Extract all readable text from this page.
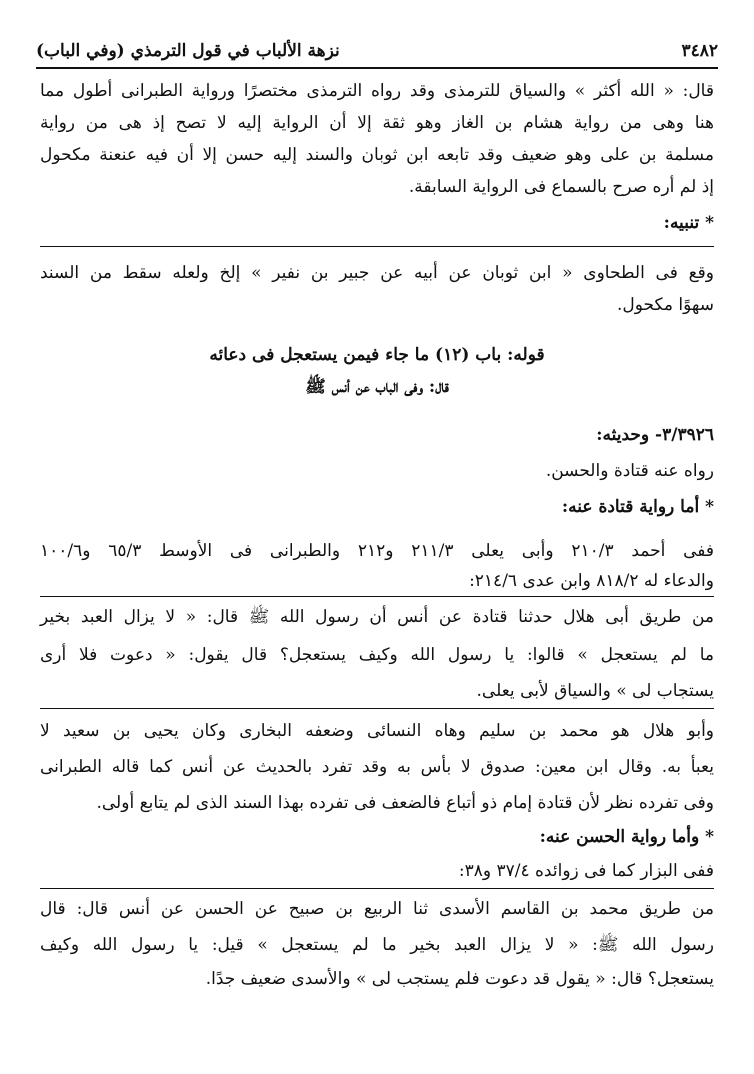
٣٤٨٢
نزهة الألباب في قول الترمذي (وفي الباب)
قال: « الله أكثر » والسياق للترمذى وقد رواه الترمذى مختصرًا ورواية الطبرانى أطول مما
هنا وهى من رواية هشام بن الغاز وهو ثقة إلا أن الرواية إليه لا تصح إذ هى من رواية
مسلمة بن على وهو ضعيف وقد تابعه ابن ثوبان والسند إليه حسن إلا أن فيه عنعنة مكحول
إذ لم أره صرح بالسماع فى الرواية السابقة.
* تنبيه:
وقع فى الطحاوى « ابن ثوبان عن أبيه عن جبير بن نفير » إلخ ولعله سقط من السند
سهوًا مكحول.
قوله: باب (١٢) ما جاء فيمن يستعجل فى دعائه
قال: وفى الباب عن أنس ﷺ
٣/٣٩٢٦- وحديثه:
رواه عنه قتادة والحسن.
* أما رواية قتادة عنه:
ففى أحمد ٢١٠/٣ وأبى يعلى ٢١١/٣ و٢١٢ والطبرانى فى الأوسط ٦٥/٣ و١٠٠/٦
والدعاء له ٨١٨/٢ وابن عدى ٢١٤/٦:
من طريق أبى هلال حدثنا قتادة عن أنس أن رسول الله ﷺ قال: « لا يزال العبد بخير
ما لم يستعجل » قالوا: يا رسول الله وكيف يستعجل؟ قال يقول: « دعوت فلا أرى
يستجاب لى » والسياق لأبى يعلى.
وأبو هلال هو محمد بن سليم وهاه النسائى وضعفه البخارى وكان يحيى بن سعيد لا
يعبأ به. وقال ابن معين: صدوق لا بأس به وقد تفرد بالحديث عن أنس كما قاله الطبرانى
وفى تفرده نظر لأن قتادة إمام ذو أتباع فالضعف فى تفرده بهذا السند الذى لم يتابع أولى.
* وأما رواية الحسن عنه:
ففى البزار كما فى زوائده ٣٧/٤ و٣٨:
من طريق محمد بن القاسم الأسدى ثنا الربيع بن صبيح عن الحسن عن أنس قال: قال
رسول الله ﷺ: « لا يزال العبد بخير ما لم يستعجل » قيل: يا رسول الله وكيف
يستعجل؟ قال: « يقول قد دعوت فلم يستجب لى » والأسدى ضعيف جدًا.
